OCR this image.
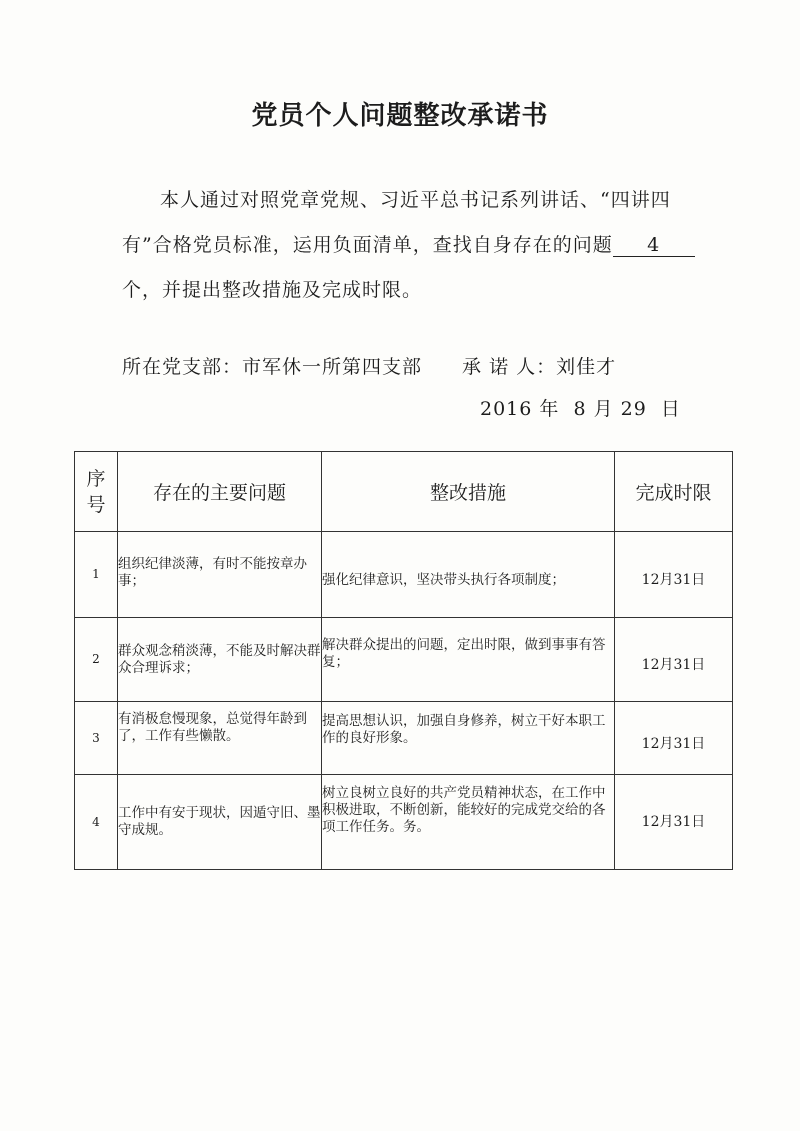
党员个人问题整改承诺书
本人通过对照党章党规、习近平总书记系列讲话、“四讲四有”合格党员标准，运用负面清单，查找自身存在的问题 4个，并提出整改措施及完成时限。
所在党支部：市军休一所第四支部 承 诺 人：刘佳才
2016 年  8 月 29  日
序号	存在的主要问题	整改措施	完成时限
1	组织纪律淡薄，有时不能按章办事；	强化纪律意识，坚决带头执行各项制度；	12月31日
2	群众观念稍淡薄，不能及时解决群众合理诉求；	解决群众提出的问题，定出时限，做到事事有答复；	12月31日
3	有消极怠慢现象，总觉得年龄到了，工作有些懒散。	提高思想认识，加强自身修养，树立干好本职工作的良好形象。	12月31日
4	工作中有安于现状，因遁守旧、墨守成规。	树立良树立良好的共产党员精神状态，在工作中积极进取，不断创新，能较好的完成党交给的各项工作任务。务。	12月31日
